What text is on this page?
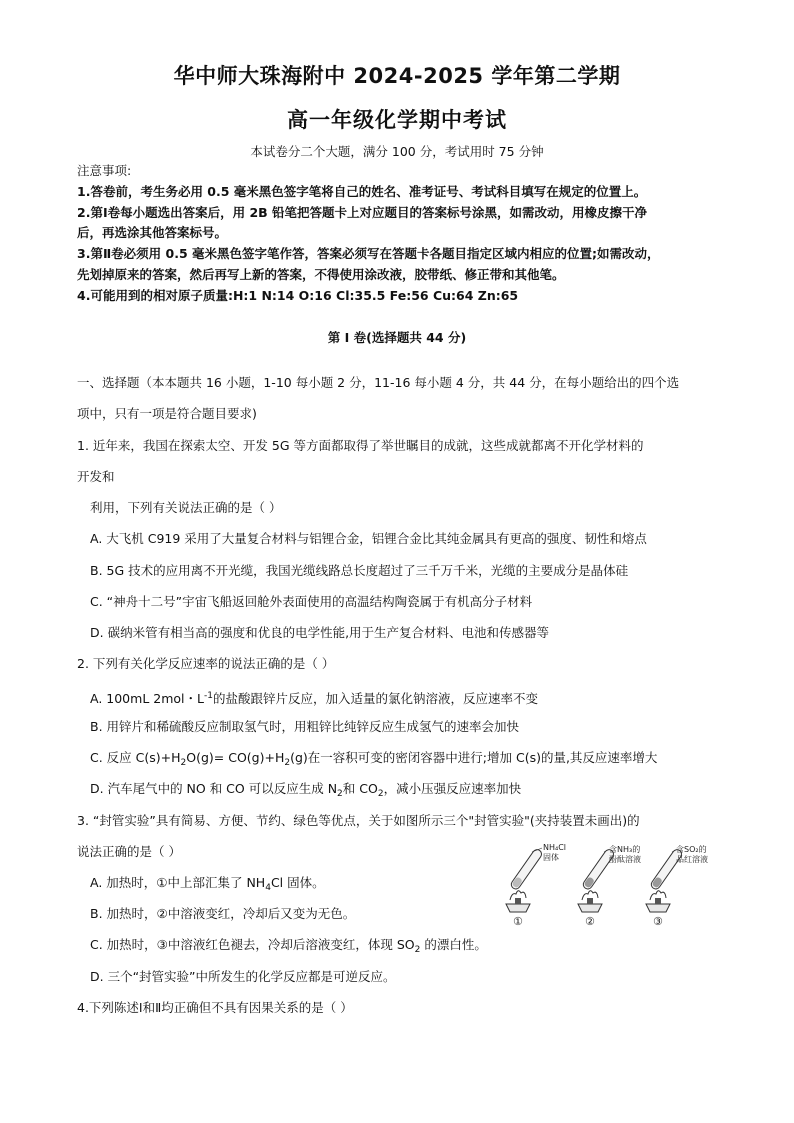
华中师大珠海附中 2024-2025 学年第二学期
高一年级化学期中考试
本试卷分二个大题，满分 100 分，考试用时 75 分钟
注意事项:
1.答卷前，考生务必用 0.5 毫米黑色签字笔将自己的姓名、准考证号、考试科目填写在规定的位置上。
2.第Ⅰ卷每小题选出答案后，用 2B 铅笔把答题卡上对应题目的答案标号涂黑，如需改动，用橡皮擦干净
后，再选涂其他答案标号。
3.第Ⅱ卷必须用 0.5 毫米黑色签字笔作答，答案必须写在答题卡各题目指定区域内相应的位置;如需改动，
先划掉原来的答案，然后再写上新的答案，不得使用涂改液，胶带纸、修正带和其他笔。
4.可能用到的相对原子质量:H:1 N:14 O:16 Cl:35.5 Fe:56 Cu:64 Zn:65
第 I 卷(选择题共 44 分)
一、选择题（本本题共 16 小题，1-10 每小题 2 分，11-16 每小题 4 分，共 44 分，在每小题给出的四个选
项中，只有一项是符合题目要求)
1. 近年来，我国在探索太空、开发 5G 等方面都取得了举世瞩目的成就，这些成就都离不开化学材料的
开发和
利用，下列有关说法正确的是（ ）
A. 大飞机 C919 采用了大量复合材料与铝锂合金，铝锂合金比其纯金属具有更高的强度、韧性和熔点
B. 5G 技术的应用离不开光缆，我国光缆线路总长度超过了三千万千米，光缆的主要成分是晶体硅
C. “神舟十二号”宇宙飞船返回舱外表面使用的高温结构陶瓷属于有机高分子材料
D. 碳纳米管有相当高的强度和优良的电学性能,用于生产复合材料、电池和传感器等
2. 下列有关化学反应速率的说法正确的是（ ）
A. 100mL 2mol・$L^{-1}$的盐酸跟锌片反应，加入适量的氯化钠溶液，反应速率不变
B. 用锌片和稀硫酸反应制取氢气时，用粗锌比纯锌反应生成氢气的速率会加快
C. 反应 $C(s)+H_2O(g)= CO(g)+H_2(g)$在一容积可变的密闭容器中进行;增加 C(s)的量,其反应速率增大
D. 汽车尾气中的 NO 和 CO 可以反应生成 $N_2$和 $CO_2$，减小压强反应速率加快
3. “封管实验”具有简易、方便、节约、绿色等优点，关于如图所示三个"封管实验"(夹持装置未画出)的
说法正确的是（ ）
A. 加热时，①中上部汇集了 $NH_4Cl$ 固体。
B. 加热时，②中溶液变红，冷却后又变为无色。
C. 加热时，③中溶液红色褪去，冷却后溶液变红，体现 $SO_2$ 的漂白性。
D. 三个“封管实验”中所发生的化学反应都是可逆反应。
NH₄Cl
固体
①
含NH₃的
酚酞溶液
②
含SO₂的
品红溶液
③
4.下列陈述Ⅰ和Ⅱ均正确但不具有因果关系的是（ ）
